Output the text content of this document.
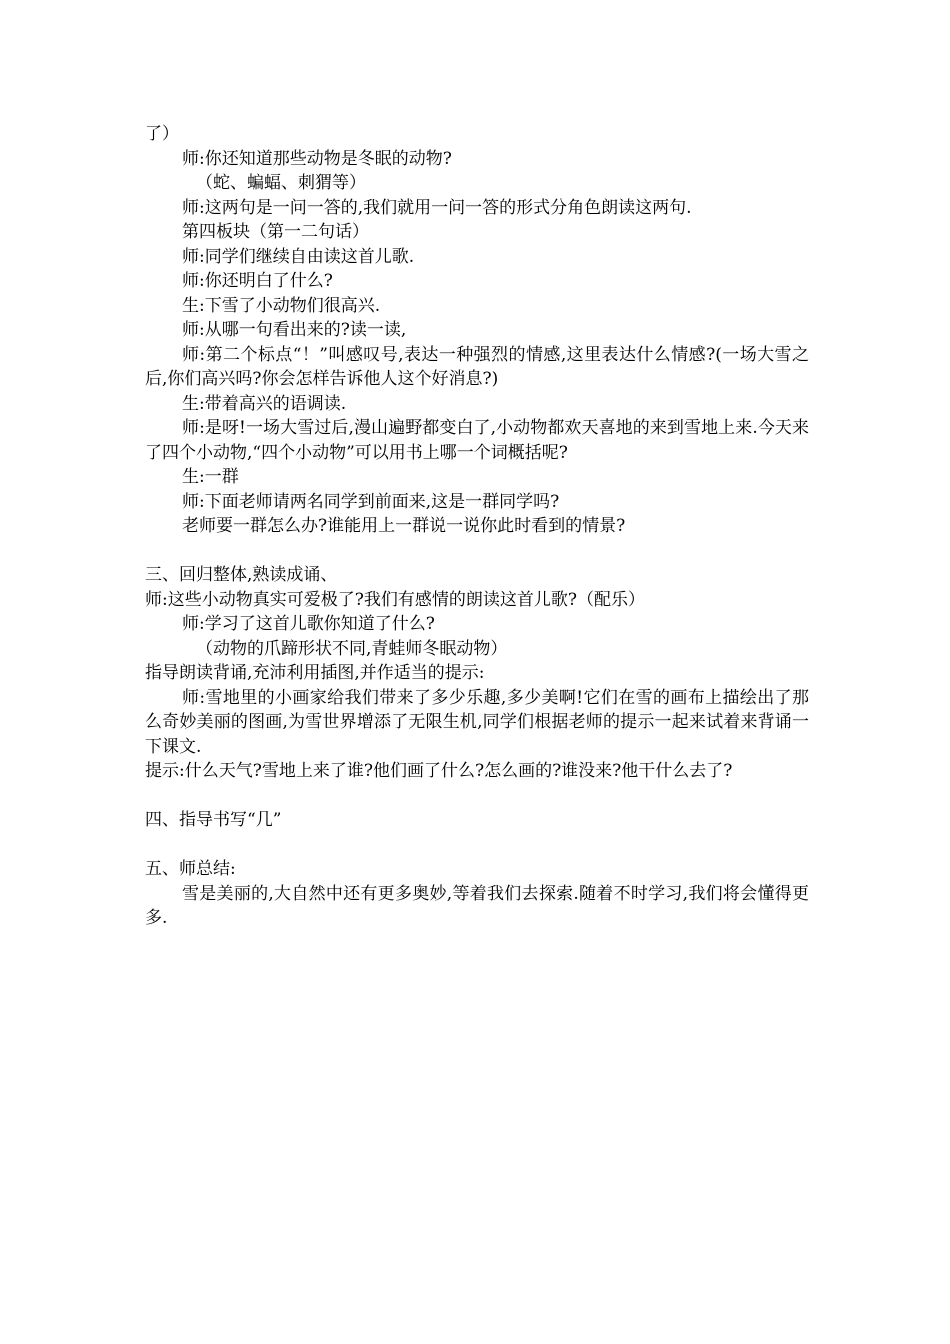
了）

师:你还知道那些动物是冬眠的动物?

（蛇、蝙蝠、刺猬等）

师:这两句是一问一答的,我们就用一问一答的形式分角色朗读这两句.

第四板块（第一二句话）

师:同学们继续自由读这首儿歌.

师:你还明白了什么?

生:下雪了小动物们很高兴.

师:从哪一句看出来的?读一读,

师:第二个标点“！”叫感叹号,表达一种强烈的情感,这里表达什么情感?(一场大雪之后,你们高兴吗?你会怎样告诉他人这个好消息?)

生:带着高兴的语调读.

师:是呀!一场大雪过后,漫山遍野都变白了,小动物都欢天喜地的来到雪地上来.今天来了四个小动物,“四个小动物”可以用书上哪一个词概括呢?

生:一群

师:下面老师请两名同学到前面来,这是一群同学吗?

老师要一群怎么办?谁能用上一群说一说你此时看到的情景?

三、回归整体,熟读成诵、

师:这些小动物真实可爱极了?我们有感情的朗读这首儿歌?（配乐）

师:学习了这首儿歌你知道了什么?

（动物的爪蹄形状不同,青蛙师冬眠动物）

指导朗读背诵,充沛利用插图,并作适当的提示:

师:雪地里的小画家给我们带来了多少乐趣,多少美啊!它们在雪的画布上描绘出了那么奇妙美丽的图画,为雪世界增添了无限生机,同学们根据老师的提示一起来试着来背诵一下课文.

提示:什么天气?雪地上来了谁?他们画了什么?怎么画的?谁没来?他干什么去了?

四、指导书写“几”

五、师总结:

雪是美丽的,大自然中还有更多奥妙,等着我们去探索.随着不时学习,我们将会懂得更多.
